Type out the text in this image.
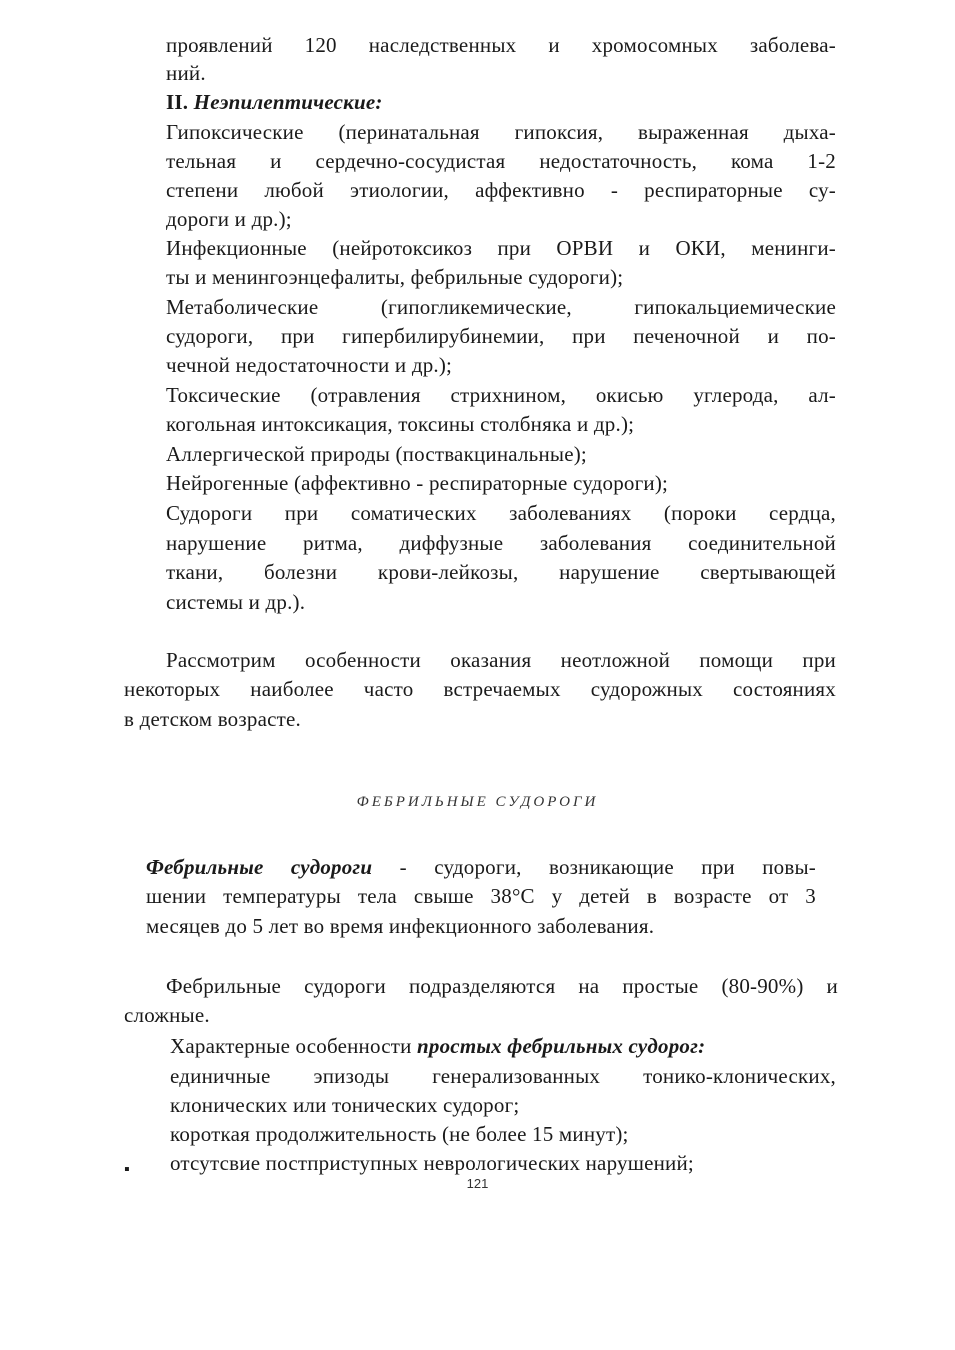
проявлений 120 наследственных и хромосомных заболева-
ний.
II. Неэпилептические:
Гипоксические (перинатальная гипоксия, выраженная дыха-
тельная и сердечно-сосудистая недостаточность, кома 1-2
степени любой этиологии, аффективно - респираторные су-
дороги и др.);
Инфекционные (нейротоксикоз при ОРВИ и ОКИ, менинги-
ты и менингоэнцефалиты, фебрильные судороги);
Метаболические (гипогликемические, гипокальциемические
судороги, при гипербилирубинемии, при печеночной и по-
чечной недостаточности и др.);
Токсические (отравления стрихнином, окисью углерода, ал-
когольная интоксикация, токсины столбняка и др.);
Аллергической природы (поствакцинальные);
Нейрогенные (аффективно - респираторные судороги);
Судороги при соматических заболеваниях (пороки сердца,
нарушение ритма, диффузные заболевания соединительной
ткани, болезни крови-лейкозы, нарушение свертывающей
системы и др.).
Рассмотрим особенности оказания неотложной помощи при
некоторых наиболее часто встречаемых судорожных состояниях
в детском возрасте.
ФЕБРИЛЬНЫЕ СУДОРОГИ
Фебрильные судороги - судороги, возникающие при повы-
шении температуры тела свыше 38°С у детей в возрасте от 3
месяцев до 5 лет во время инфекционного заболевания.
Фебрильные судороги подразделяются на простые (80-90%) и
сложные.
Характерные особенности простых фебрильных судорог:
единичные эпизоды генерализованных тонико-клонических,
клонических или тонических судорог;
короткая продолжительность (не более 15 минут);
▪ отсутсвие постприступных неврологических нарушений;
121
